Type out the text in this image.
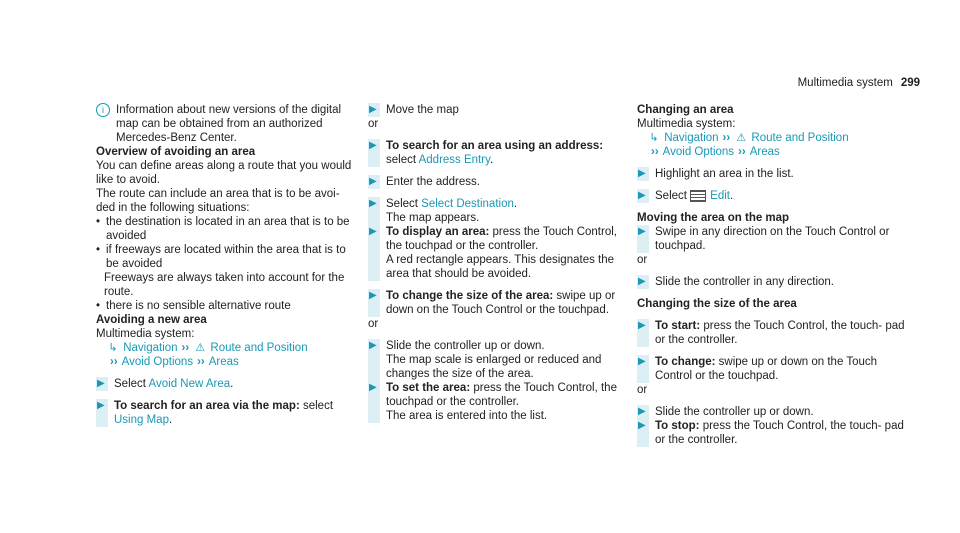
Multimedia system 299

i	Information about new versions of the digital map can be obtained from an authorized Mercedes-Benz Center.

Overview of avoiding an area

You can define areas along a route that you would like to avoid.

The route can include an area that is to be avoi- ded in the following situations:

• the destination is located in an area that is to be avoided

• if freeways are located within the area that is to be avoided

Freeways are always taken into account for the route.

• there is no sensible alternative route

Avoiding a new area

Multimedia system:

↳ Navigation ›› ⚠ Route and Position

›› Avoid Options ›› Areas

▶ Select Avoid New Area.

▶ To search for an area via the map: select
Using Map.

▶ Move the map

or

▶ To search for an area using an address:
select Address Entry.

▶ Enter the address.

▶ Select Select Destination.
The map appears.

▶ To display an area: press the Touch Control, the touchpad or the controller.
A red rectangle appears. This designates the area that should be avoided.

▶ To change the size of the area: swipe up or down on the Touch Control or the touchpad.

or

▶ Slide the controller up or down.
The map scale is enlarged or reduced and changes the size of the area.

▶ To set the area: press the Touch Control, the touchpad or the controller.
The area is entered into the list.

Changing an area

Multimedia system:

↳ Navigation ›› ⚠ Route and Position

›› Avoid Options ›› Areas

▶ Highlight an area in the list.

▶ Select Edit.

Moving the area on the map

▶ Swipe in any direction on the Touch Control or touchpad.

or

▶ Slide the controller in any direction.

Changing the size of the area

▶ To start: press the Touch Control, the touch- pad or the controller.

▶ To change: swipe up or down on the Touch Control or the touchpad.

or

▶ Slide the controller up or down.

▶ To stop: press the Touch Control, the touch- pad or the controller.
